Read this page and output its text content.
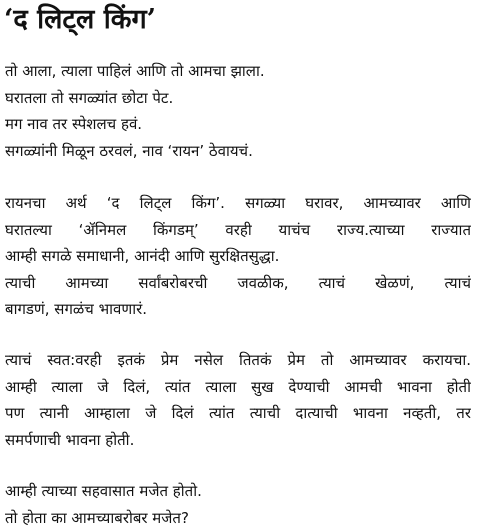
‘द लिट्ल किंग’
तो आला, त्याला पाहिलं आणि तो आमचा झाला.
घरातला तो सगळ्यांत छोटा पेट.
मग नाव तर स्पेशलच हवं.
सगळ्यांनी मिळून ठरवलं, नाव ‘रायन’ ठेवायचं.
रायनचा अर्थ ‘द लिट्ल किंग’. सगळ्या घरावर, आमच्यावर आणि
घरातल्या ‘ॲनिमल किंगडम्’ वरही याचंच राज्य.त्याच्या राज्यात
आम्ही सगळे समाधानी, आनंदी आणि सुरक्षितसुद्धा.
त्याची आमच्या सर्वांबरोबरची जवळीक, त्याचं खेळणं, त्याचं
बागडणं, सगळंच भावणारं.
त्याचं स्वत:वरही इतकं प्रेम नसेल तितकं प्रेम तो आमच्यावर करायचा.
आम्ही त्याला जे दिलं, त्यांत त्याला सुख देण्याची आमची भावना होती
पण त्यानी आम्हाला जे दिलं त्यांत त्याची दात्याची भावना नव्हती, तर
समर्पणाची भावना होती.
आम्ही त्याच्या सहवासात मजेत होतो.
तो होता का आमच्याबरोबर मजेत?
